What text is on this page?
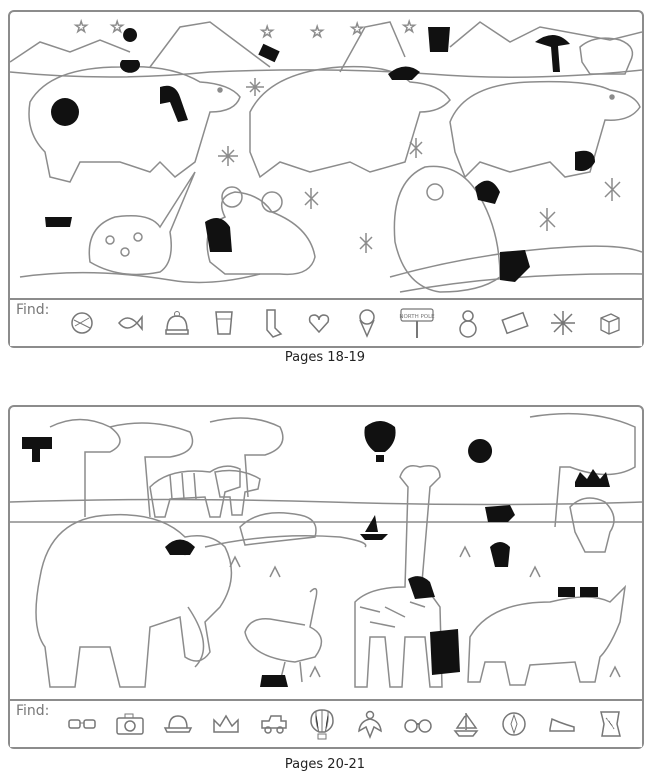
☆ ☆	☆ ☆ ☆ ☆
Find:	NORTH POLE
Pages 18-19
Find:
Pages 20-21
